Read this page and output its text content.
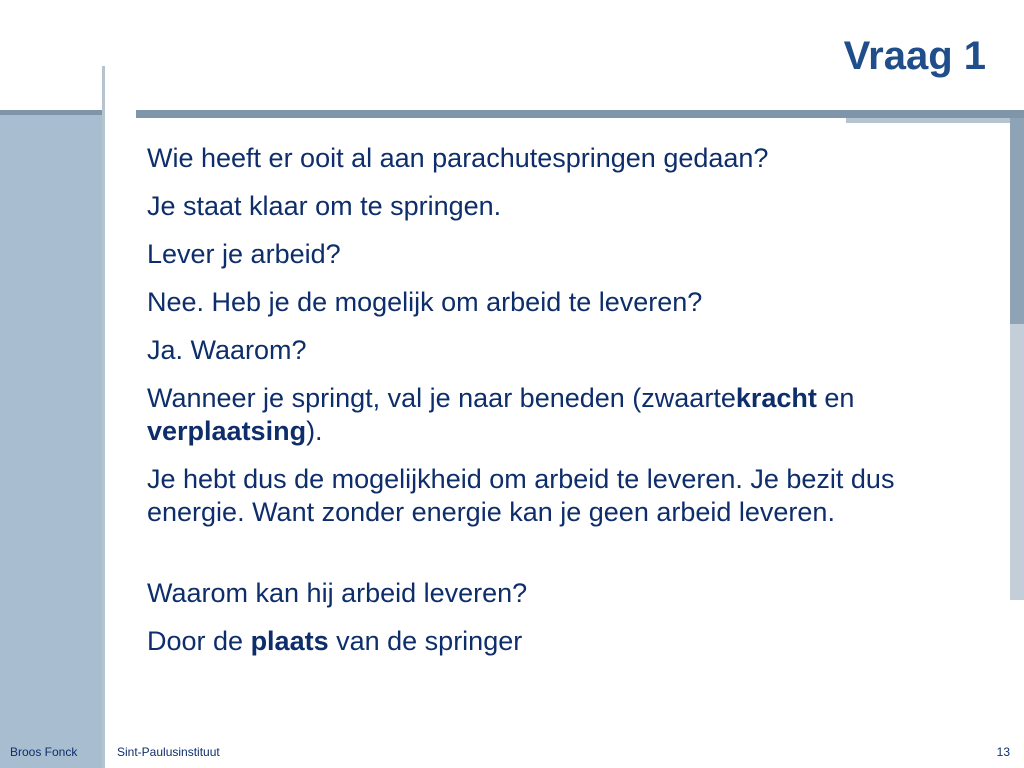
Vraag 1

Wie heeft er ooit al aan parachutespringen gedaan?

Je staat klaar om te springen.

Lever je arbeid?

Nee. Heb je de mogelijk om arbeid te leveren?

Ja. Waarom?

Wanneer je springt, val je naar beneden (zwaartekracht en verplaatsing).

Je hebt dus de mogelijkheid om arbeid te leveren. Je bezit dus energie. Want zonder energie kan je geen arbeid leveren.

Waarom kan hij arbeid leveren?

Door de plaats van de springer

Broos Fonck	Sint-Paulusinstituut	13
